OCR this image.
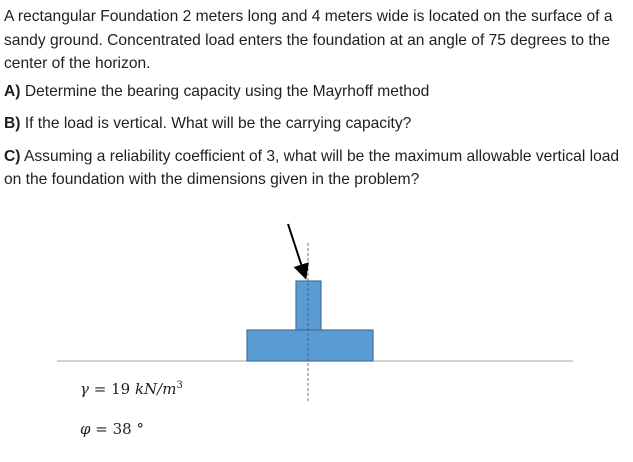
A rectangular Foundation 2 meters long and 4 meters wide is located on the surface of a sandy ground. Concentrated load enters the foundation at an angle of 75 degrees to the center of the horizon.

A) Determine the bearing capacity using the Mayrhoff method

B) If the load is vertical. What will be the carrying capacity?

C) Assuming a reliability coefficient of 3, what will be the maximum allowable vertical load on the foundation with the dimensions given in the problem?

γ = 19 $kN/m^3$
φ = 38 °
